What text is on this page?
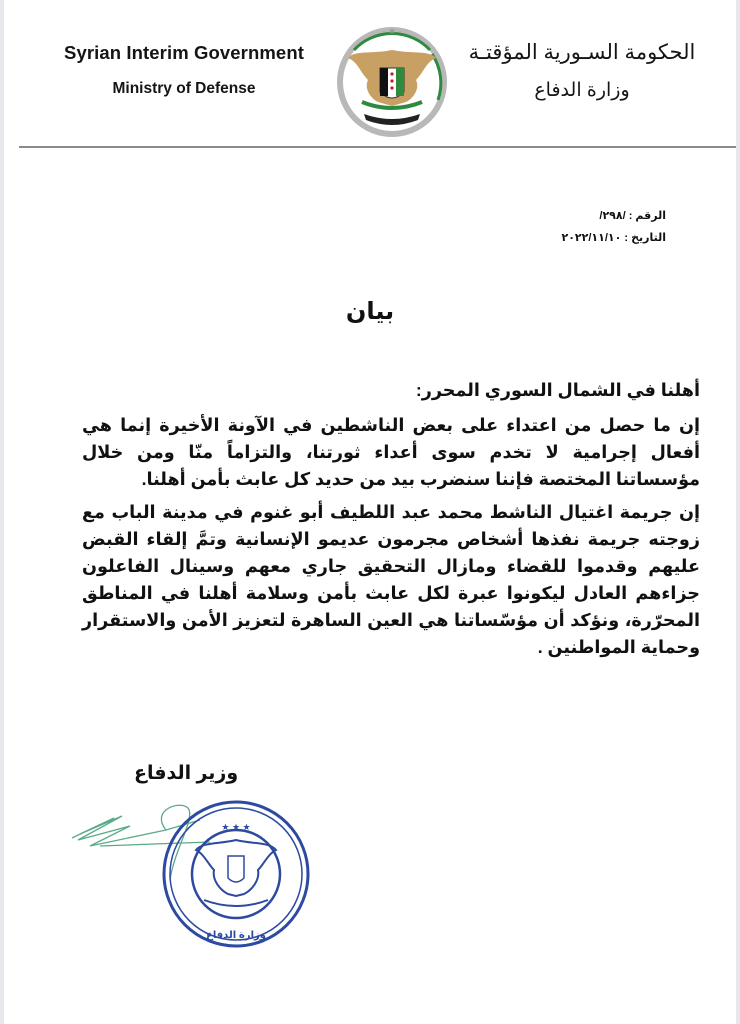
Syrian Interim Government
Ministry of Defense
· ★ ·
الحكومة السـورية المؤقتـة
وزارة الدفاع
الرقم : /٢٩٨/
التاريخ : ٢٠٢٢/١١/١٠
بيان

أهلنا في الشمال السوري المحرر:

إن ما حصل من اعتداء على بعض الناشطين في الآونة الأخيرة إنما هي أفعال إجرامية لا تخدم سوى أعداء ثورتنا، والتزاماً منّا ومن خلال مؤسساتنا المختصة فإننا سنضرب بيد من حديد كل عابث بأمن أهلنا.

إن جريمة اغتيال الناشط محمد عبد اللطيف أبو غنوم في مدينة الباب مع زوجته جريمة نفذها أشخاص مجرمون عديمو الإنسانية وتمَّ إلقاء القبض عليهم وقدموا للقضاء ومازال التحقيق جاري معهم وسينال الفاعلون جزاءهم العادل ليكونوا عبرة لكل عابث بأمن وسلامة أهلنا في المناطق المحرّرة، ونؤكد أن مؤسّساتنا هي العين الساهرة لتعزيز الأمن والاستقرار وحماية المواطنين .

وزير الدفاع
★ ★ ★
وزارة الدفاع
